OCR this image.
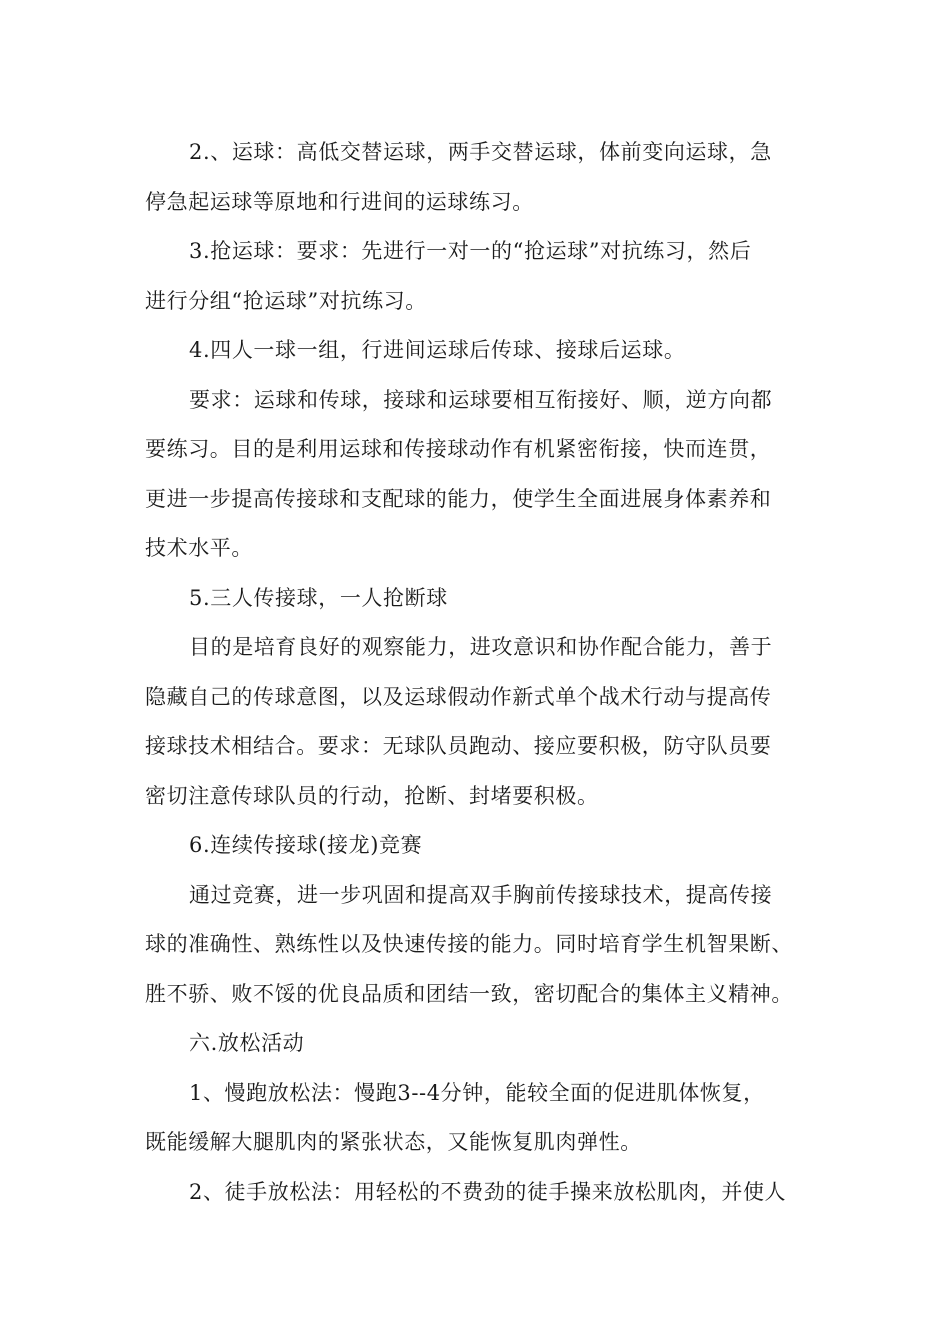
2.、运球：高低交替运球，两手交替运球，体前变向运球，急
停急起运球等原地和行进间的运球练习。
3.抢运球：要求：先进行一对一的“抢运球”对抗练习，然后
进行分组“抢运球”对抗练习。
4.四人一球一组，行进间运球后传球、接球后运球。
要求：运球和传球，接球和运球要相互衔接好、顺，逆方向都
要练习。目的是利用运球和传接球动作有机紧密衔接，快而连贯，
更进一步提高传接球和支配球的能力，使学生全面进展身体素养和
技术水平。
5.三人传接球，一人抢断球
目的是培育良好的观察能力，进攻意识和协作配合能力，善于
隐藏自己的传球意图，以及运球假动作新式单个战术行动与提高传
接球技术相结合。要求：无球队员跑动、接应要积极，防守队员要
密切注意传球队员的行动，抢断、封堵要积极。
6.连续传接球(接龙)竞赛
通过竞赛，进一步巩固和提高双手胸前传接球技术，提高传接
球的准确性、熟练性以及快速传接的能力。同时培育学生机智果断、
胜不骄、败不馁的优良品质和团结一致，密切配合的集体主义精神。
六.放松活动
1、慢跑放松法：慢跑3--4分钟，能较全面的促进肌体恢复，
既能缓解大腿肌肉的紧张状态，又能恢复肌肉弹性。
2、徒手放松法：用轻松的不费劲的徒手操来放松肌肉，并使人
